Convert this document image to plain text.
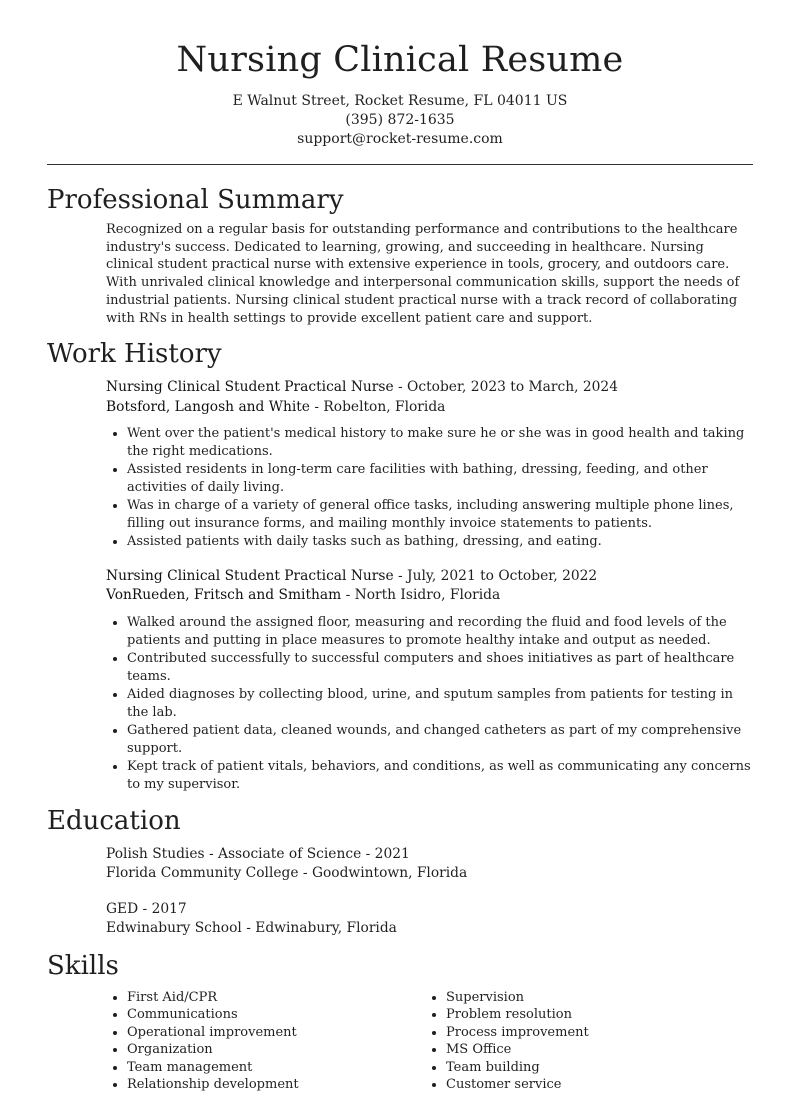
Nursing Clinical Resume

E Walnut Street, Rocket Resume, FL 04011 US

(395) 872-1635

support@rocket-resume.com

Professional Summary

Recognized on a regular basis for outstanding performance and contributions to the healthcare industry's success. Dedicated to learning, growing, and succeeding in healthcare. Nursing clinical student practical nurse with extensive experience in tools, grocery, and outdoors care. With unrivaled clinical knowledge and interpersonal communication skills, support the needs of industrial patients. Nursing clinical student practical nurse with a track record of collaborating with RNs in health settings to provide excellent patient care and support.

Work History
Nursing Clinical Student Practical Nurse - October, 2023 to March, 2024
Botsford, Langosh and White - Robelton, Florida
• Went over the patient's medical history to make sure he or she was in good health and taking the right medications.
• Assisted residents in long-term care facilities with bathing, dressing, feeding, and other activities of daily living.
• Was in charge of a variety of general office tasks, including answering multiple phone lines, filling out insurance forms, and mailing monthly invoice statements to patients.
• Assisted patients with daily tasks such as bathing, dressing, and eating.
Nursing Clinical Student Practical Nurse - July, 2021 to October, 2022
VonRueden, Fritsch and Smitham - North Isidro, Florida
• Walked around the assigned floor, measuring and recording the fluid and food levels of the patients and putting in place measures to promote healthy intake and output as needed.
• Contributed successfully to successful computers and shoes initiatives as part of healthcare teams.
• Aided diagnoses by collecting blood, urine, and sputum samples from patients for testing in the lab.
• Gathered patient data, cleaned wounds, and changed catheters as part of my comprehensive support.
• Kept track of patient vitals, behaviors, and conditions, as well as communicating any concerns to my supervisor.
Education
Polish Studies - Associate of Science - 2021
Florida Community College - Goodwintown, Florida
GED - 2017
Edwinabury School - Edwinabury, Florida
Skills
• First Aid/CPR
• Communications
• Operational improvement
• Organization
• Team management
• Relationship development
• Supervision
• Problem resolution
• Process improvement
• MS Office
• Team building
• Customer service
